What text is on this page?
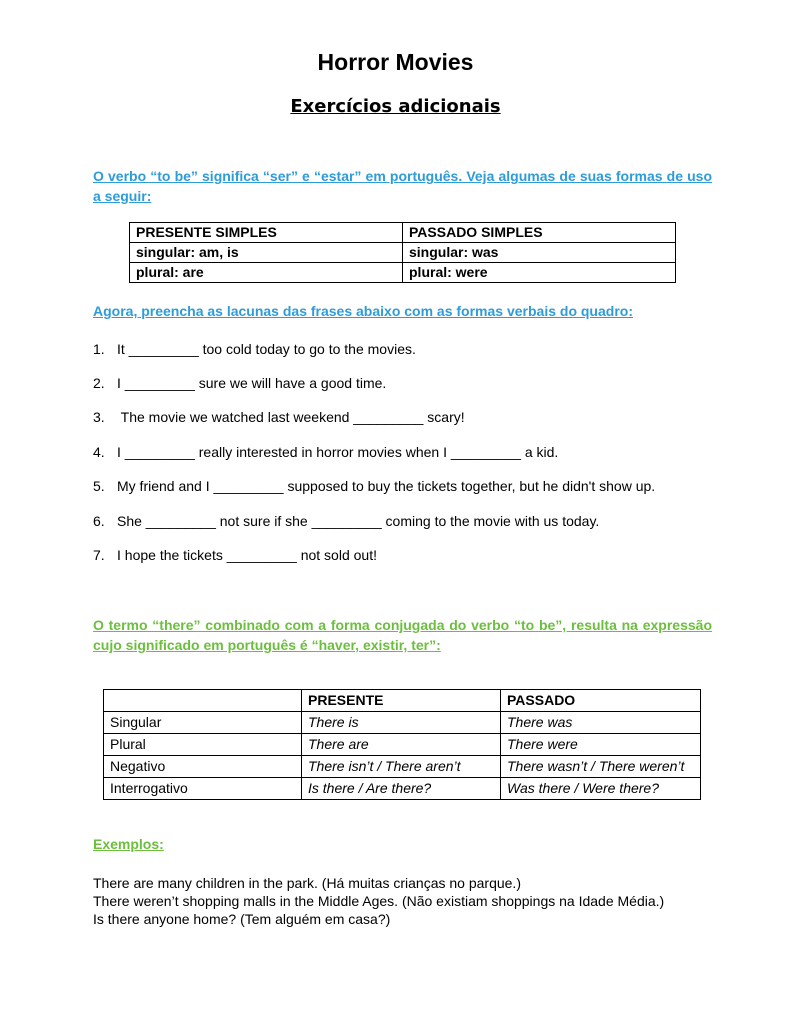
Horror Movies
Exercícios adicionais
O verbo “to be” significa “ser” e “estar” em português. Veja algumas de suas formas de uso a seguir:
PRESENTE SIMPLES	PASSADO SIMPLES
singular: am, is	singular: was
plural: are	plural: were
Agora, preencha as lacunas das frases abaixo com as formas verbais do quadro:
1. It _________ too cold today to go to the movies.
2. I _________ sure we will have a good time.
3. The movie we watched last weekend _________ scary!
4. I _________ really interested in horror movies when I _________ a kid.
5. My friend and I _________ supposed to buy the tickets together, but he didn't show up.
6. She _________ not sure if she _________ coming to the movie with us today.
7. I hope the tickets _________ not sold out!
O termo “there” combinado com a forma conjugada do verbo “to be”, resulta na expressão cujo significado em português é “haver, existir, ter”:
	PRESENTE	PASSADO
Singular	There is	There was
Plural	There are	There were
Negativo	There isn’t / There aren’t	There wasn’t / There weren’t
Interrogativo	Is there / Are there?	Was there / Were there?
Exemplos:
There are many children in the park. (Há muitas crianças no parque.)
There weren’t shopping malls in the Middle Ages. (Não existiam shoppings na Idade Média.)
Is there anyone home? (Tem alguém em casa?)
